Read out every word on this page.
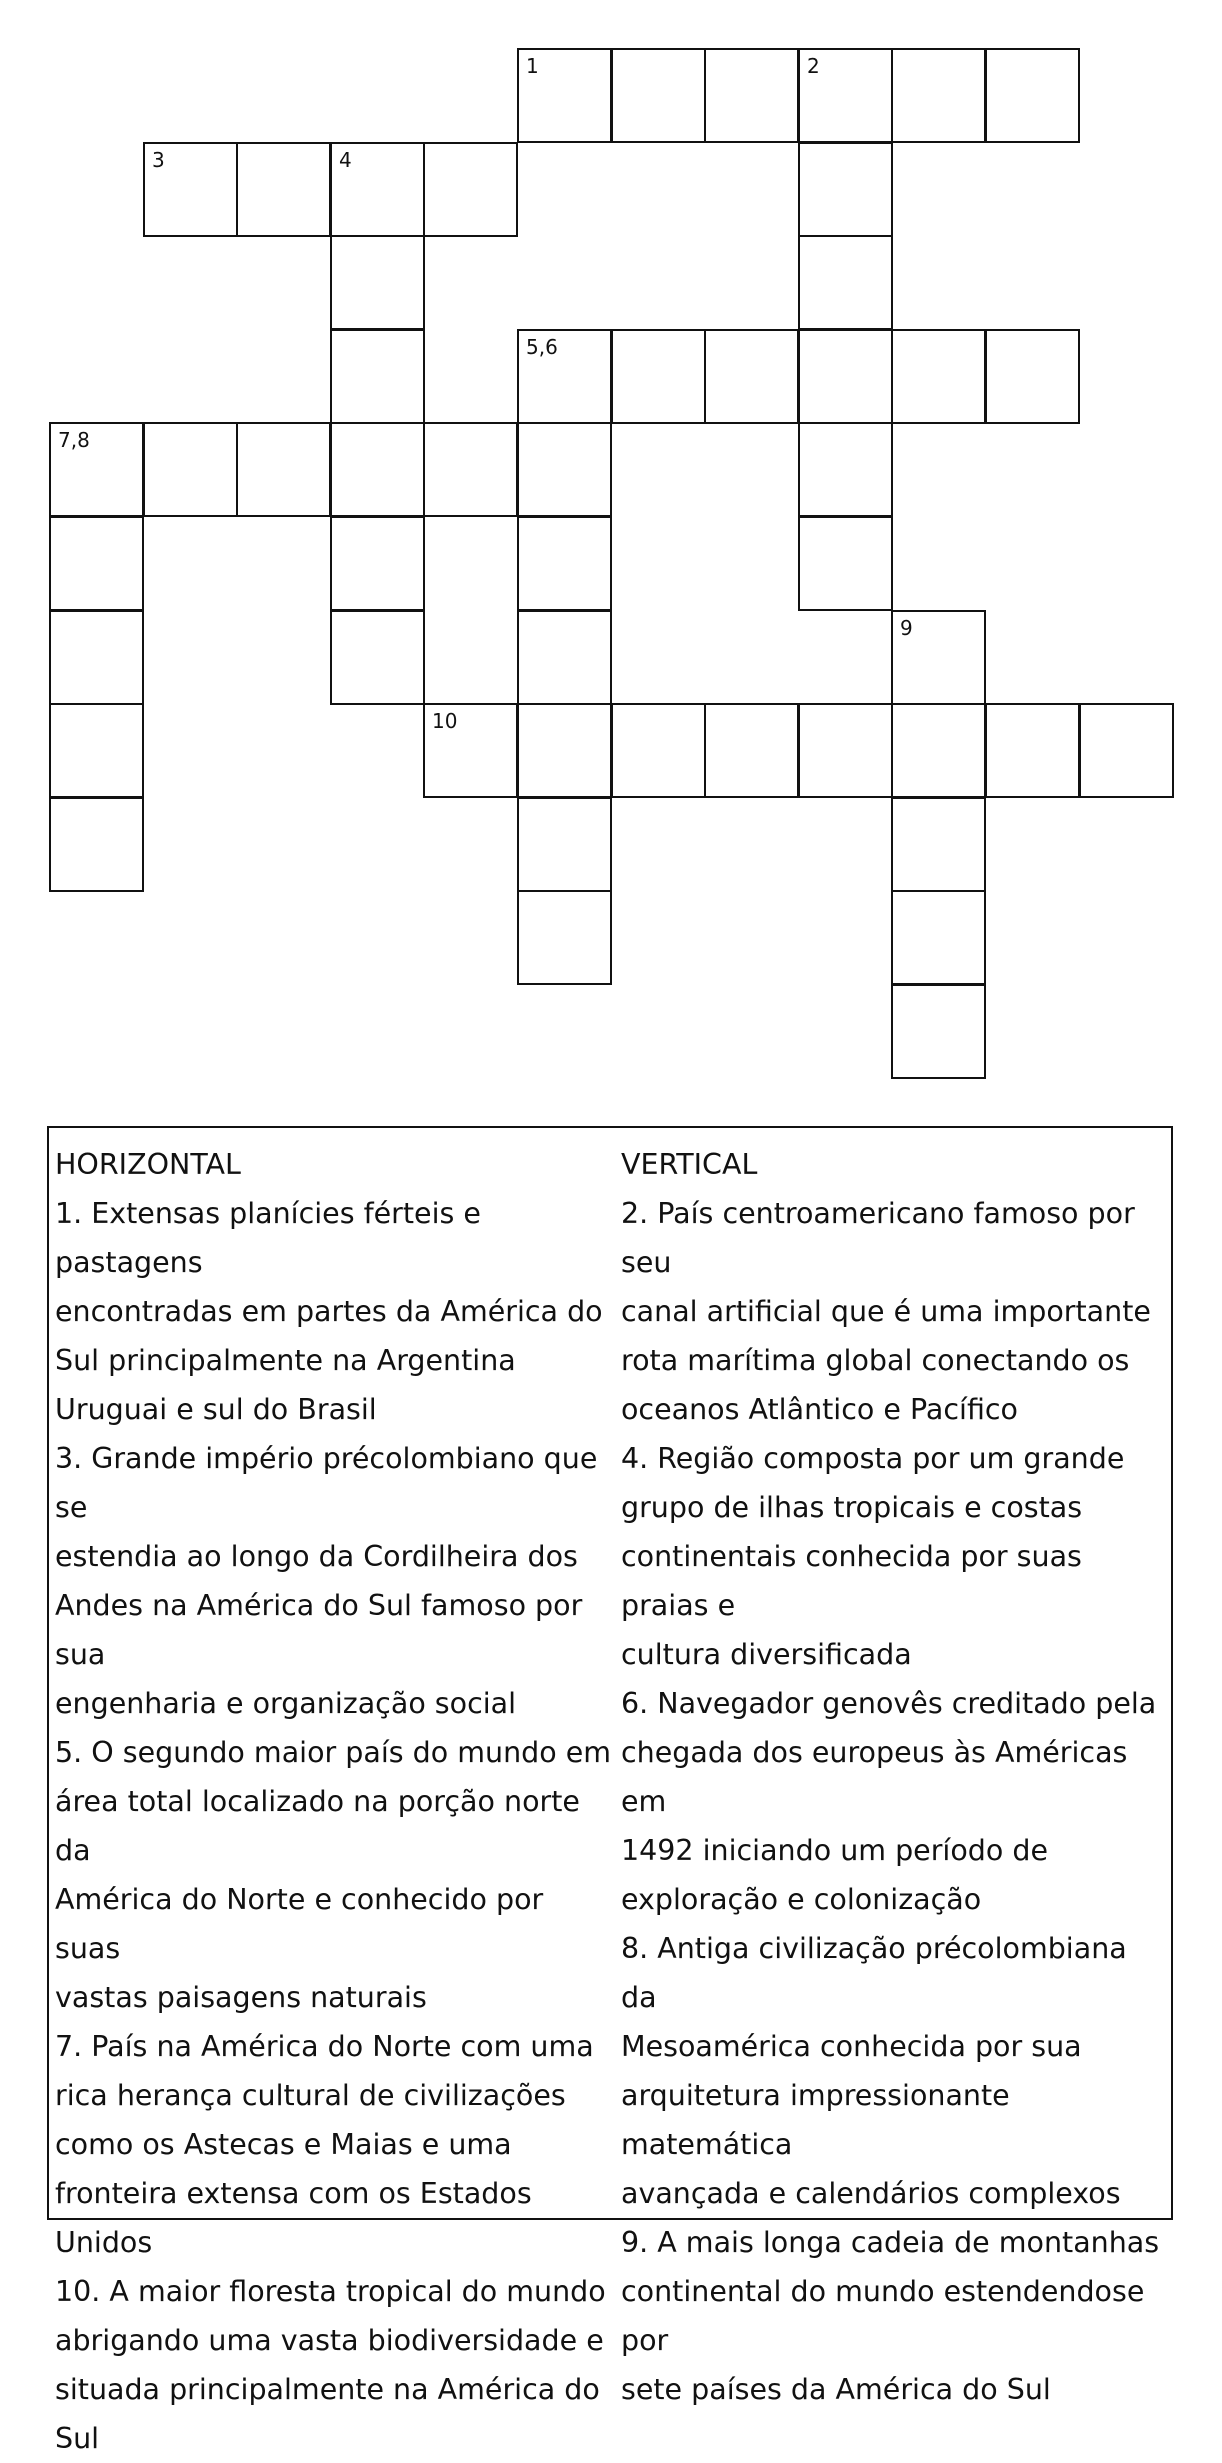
1	2
3	4
5,6
7,8
9
10
HORIZONTAL
1. Extensas planícies férteis e pastagens
encontradas em partes da América do
Sul principalmente na Argentina
Uruguai e sul do Brasil
3. Grande império précolombiano que se
estendia ao longo da Cordilheira dos
Andes na América do Sul famoso por sua
engenharia e organização social
5. O segundo maior país do mundo em
área total localizado na porção norte da
América do Norte e conhecido por suas
vastas paisagens naturais
7. País na América do Norte com uma
rica herança cultural de civilizações
como os Astecas e Maias e uma
fronteira extensa com os Estados Unidos
10. A maior floresta tropical do mundo
abrigando uma vasta biodiversidade e
situada principalmente na América do
Sul
VERTICAL
2. País centroamericano famoso por seu
canal artificial que é uma importante
rota marítima global conectando os
oceanos Atlântico e Pacífico
4. Região composta por um grande
grupo de ilhas tropicais e costas
continentais conhecida por suas praias e
cultura diversificada
6. Navegador genovês creditado pela
chegada dos europeus às Américas em
1492 iniciando um período de
exploração e colonização
8. Antiga civilização précolombiana da
Mesoamérica conhecida por sua
arquitetura impressionante matemática
avançada e calendários complexos
9. A mais longa cadeia de montanhas
continental do mundo estendendose por
sete países da América do Sul
